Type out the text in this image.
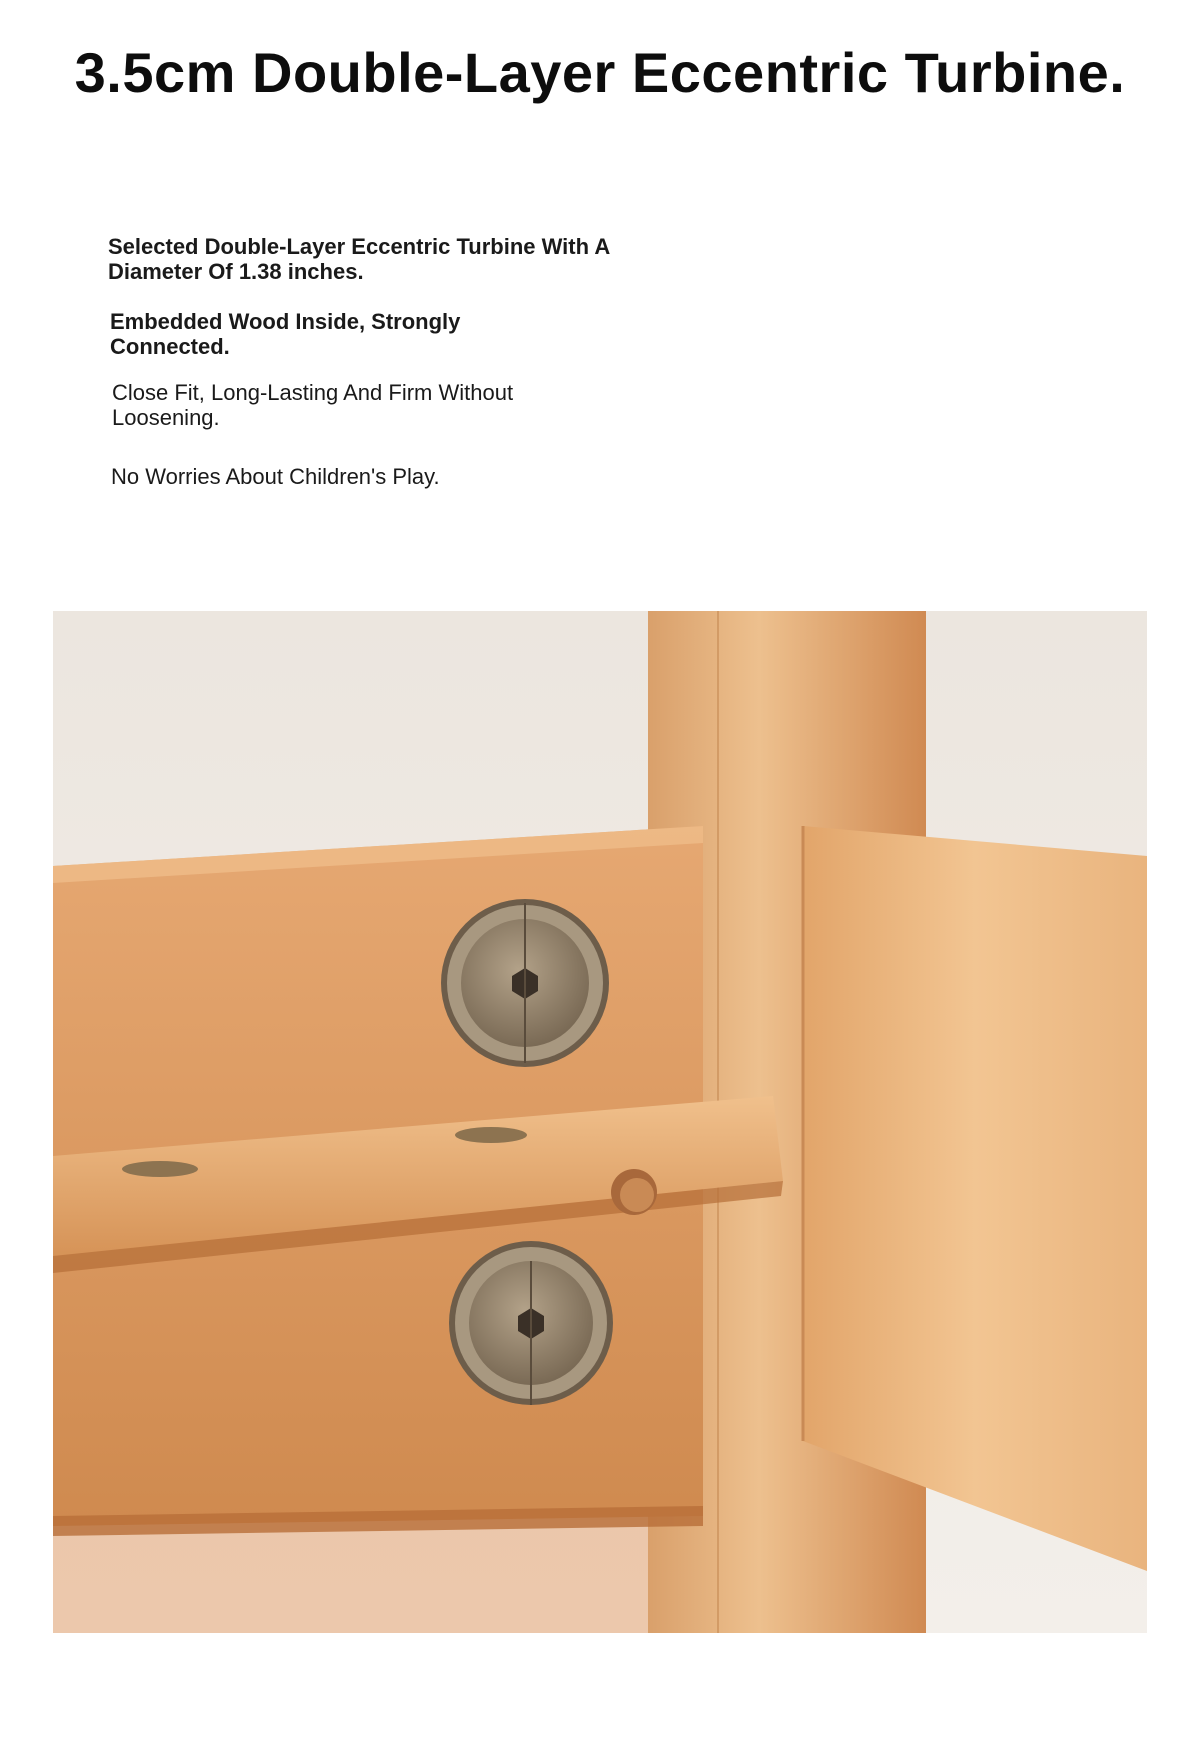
3.5cm Double-Layer Eccentric Turbine.

Selected Double-Layer Eccentric Turbine With A Diameter Of 1.38 inches.

Embedded Wood Inside, Strongly Connected.

Close Fit, Long-Lasting And Firm Without Loosening.

No Worries About Children's Play.
